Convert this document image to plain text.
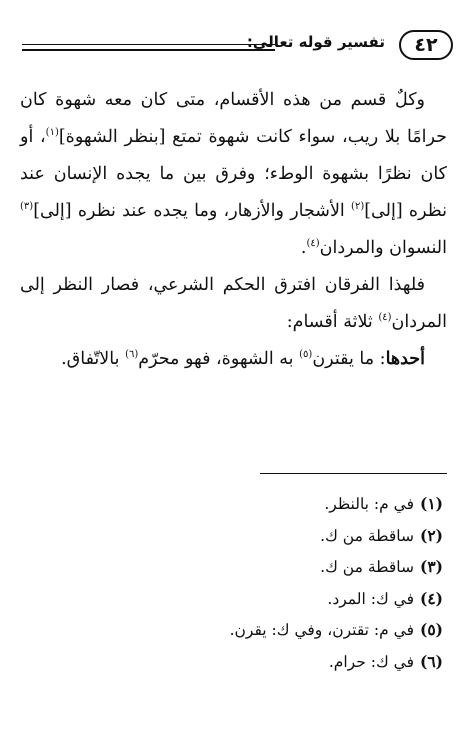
٤٢
تفسير قوله تعالى:

وكلٌ قسم من هذه الأقسام، متى كان معه شهوة كان حرامًا بلا ريب، سواء كانت شهوة تمتع [بنظر الشهوة]$^{(١)}$، أو كان نظرًا بشهوة الوطء؛ وفرق بين ما يجده الإنسان عند نظره [إلى]$^{(٢)}$ الأشجار والأزهار، وما يجده عند نظره [إلى]$^{(٣)}$ النسوان والمردان$^{(٤)}$.

فلهذا الفرقان افترق الحكم الشرعي، فصار النظر إلى المردان$^{(٤)}$ ثلاثة أقسام:

أحدها: ما يقترن$^{(٥)}$ به الشهوة، فهو محرّم$^{(٦)}$ بالاتّفاق.

(١)في م: بالنظر.
(٢)ساقطة من ك.
(٣)ساقطة من ك.
(٤)في ك: المرد.
(٥)في م: تقترن، وفي ك: يقرن.
(٦)في ك: حرام.
